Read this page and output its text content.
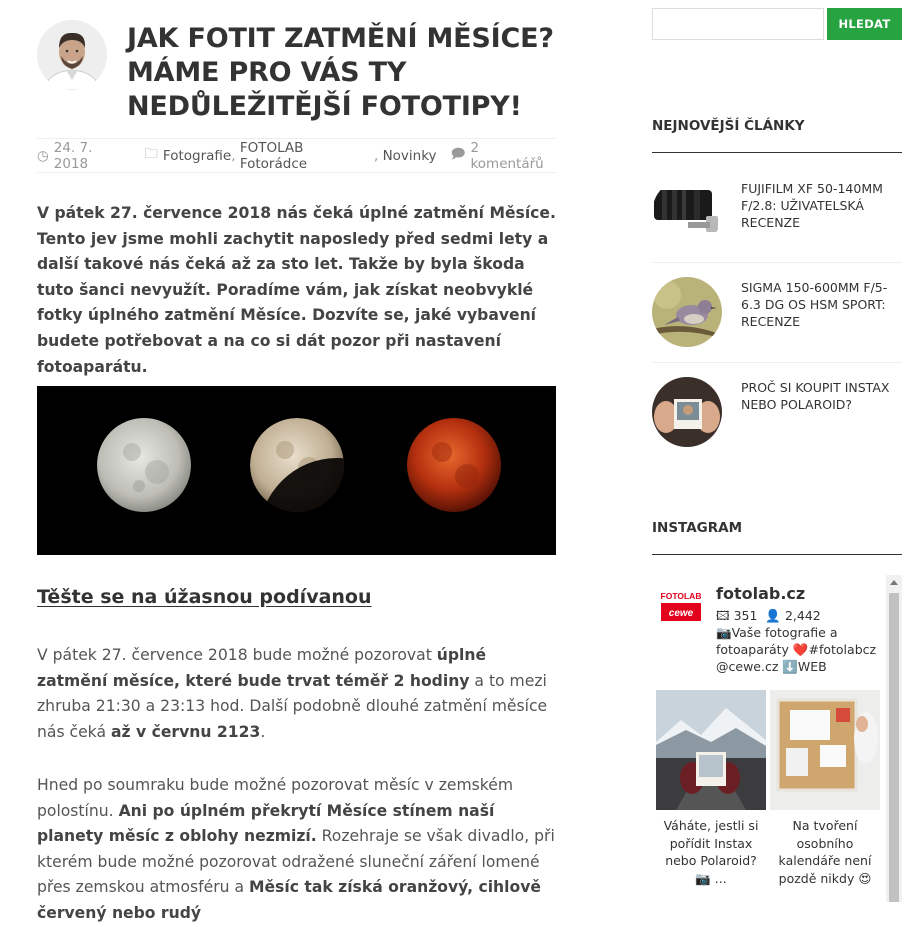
JAK FOTIT ZATMĚNÍ MĚSÍCE? MÁME PRO VÁS TY NEDŮLEŽITĚJŠÍ FOTOTIPY!
◷ 24. 7. 2018
🗀 Fotografie , FOTOLAB Fotorádce	, Novinky 🗩 2 komentářů

V pátek 27. července 2018 nás čeká úplné zatmění Měsíce. Tento jev jsme mohli zachytit naposledy před sedmi lety a další takové nás čeká až za sto let. Takže by byla škoda tuto šanci nevyužít. Poradíme vám, jak získat neobvyklé fotky úplného zatmění Měsíce. Dozvíte se, jaké vybavení budete potřebovat a na co si dát pozor při nastavení fotoaparátu.

Těšte se na úžasnou podívanou

V pátek 27. července 2018 bude možné pozorovat úplné zatmění měsíce, které bude trvat téměř 2 hodiny a to mezi zhruba 21:30 a 23:13 hod. Další podobně dlouhé zatmění měsíce nás čeká až v červnu 2123.

Hned po soumraku bude možné pozorovat měsíc v zemském polostínu. Ani po úplném překrytí Měsíce stínem naší planety měsíc z oblohy nezmizí. Rozehraje se však divadlo, při kterém bude možné pozorovat odražené sluneční záření lomené přes zemskou atmosféru a Měsíc tak získá oranžový, cihlově červený nebo rudý

HLEDAT
NEJNOVĚJŠÍ ČLÁNKY
FUJIFILM XF 50-140MM F/2.8: UŽIVATELSKÁ RECENZE
SIGMA 150-600MM F/5-6.3 DG OS HSM SPORT: RECENZE
PROČ SI KOUPIT INSTAX NEBO POLAROID?
INSTAGRAM
FOTOLAB
cewe
fotolab.cz
🖾 351 👤 2,442
📷Vaše fotografie a fotoaparáty ❤️#fotolabcz @cewe.cz ⬇️WEB
Váháte, jestli si pořídit Instax nebo Polaroid? 📷 ...
Na tvoření osobního kalendáře není pozdě nikdy 😍
